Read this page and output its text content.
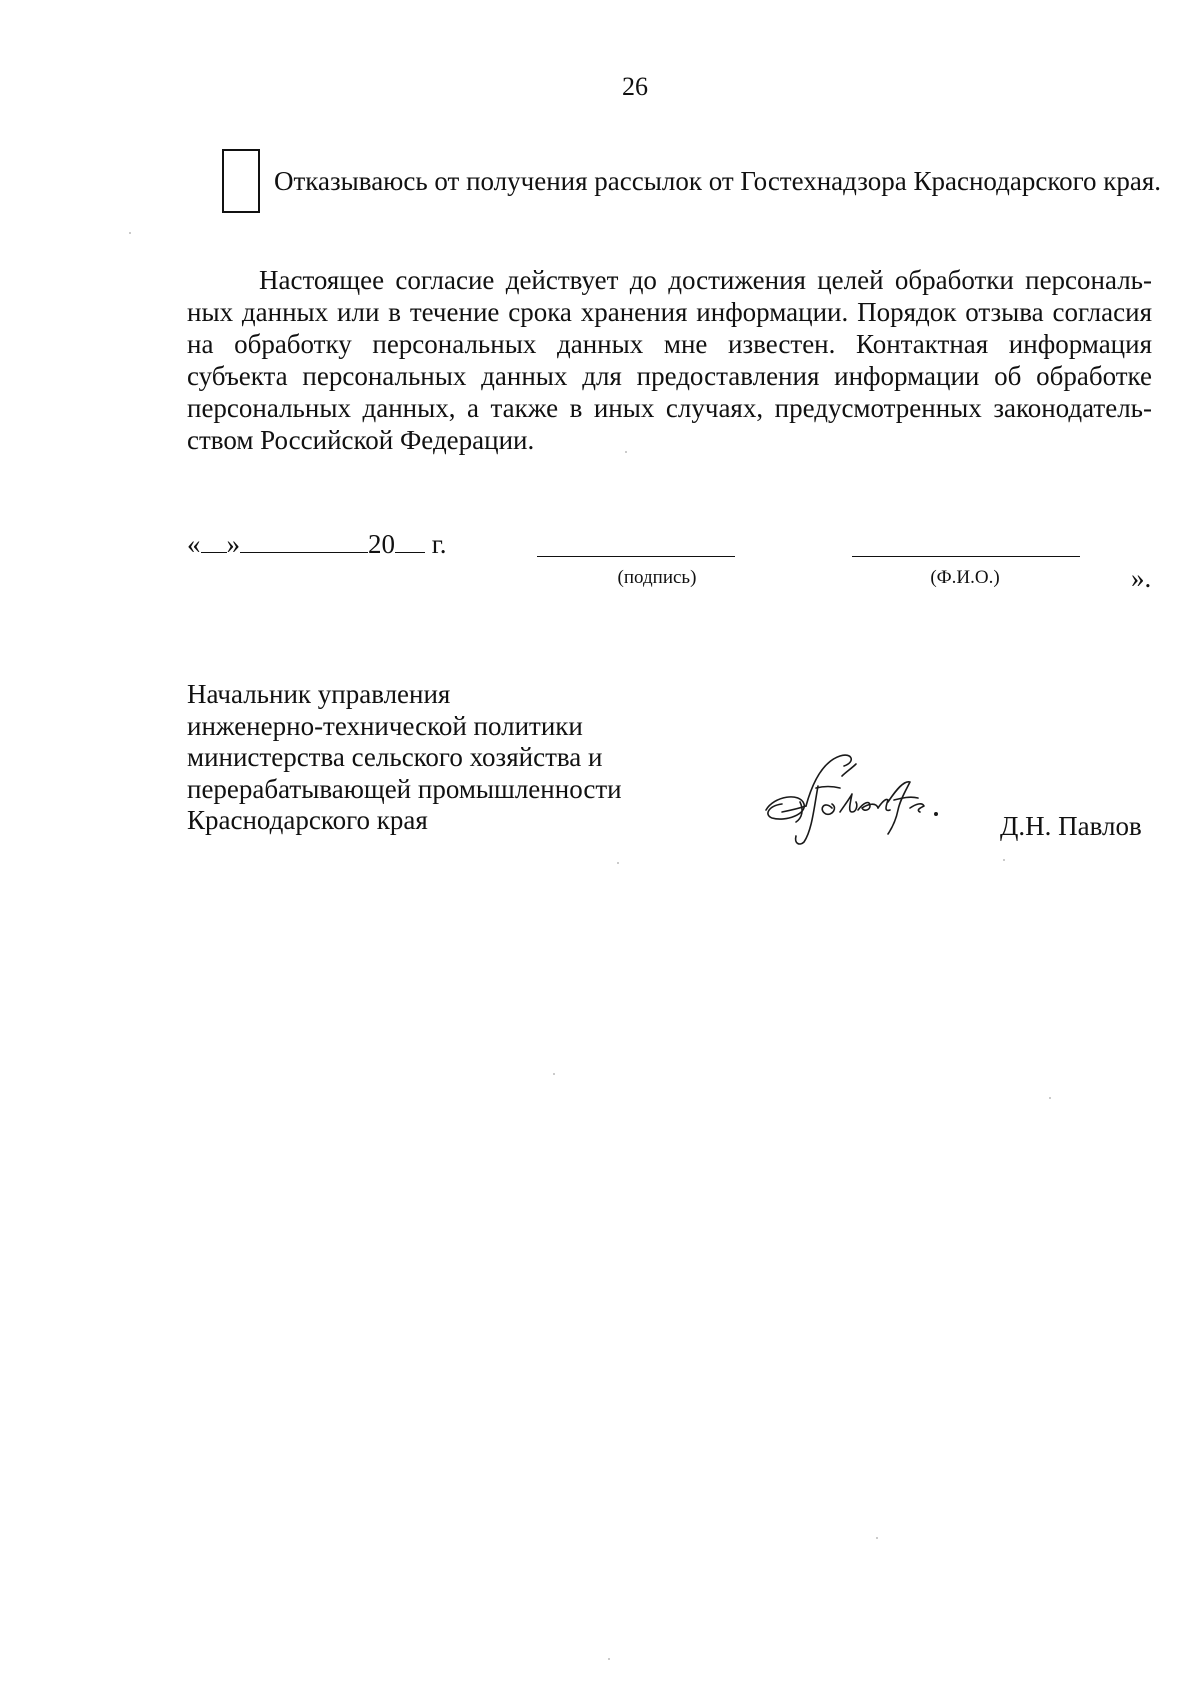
26
Отказываюсь от получения рассылок от Гостехнадзора Краснодарского края.
Настоящее согласие действует до достижения целей обработки персональных данных или в течение срока хранения информации. Порядок отзыва согласия на обработку персональных данных мне известен. Контактная информация субъекта персональных данных для предоставления информации об обработке персональных данных, а также в иных случаях, предусмотренных законодательством Российской Федерации.
« »	20 г.
(подпись)	(Ф.И.О.)	».
Начальник управления
инженерно-технической политики
министерства сельского хозяйства и
перерабатывающей промышленности
Краснодарского края	Д.Н. Павлов
